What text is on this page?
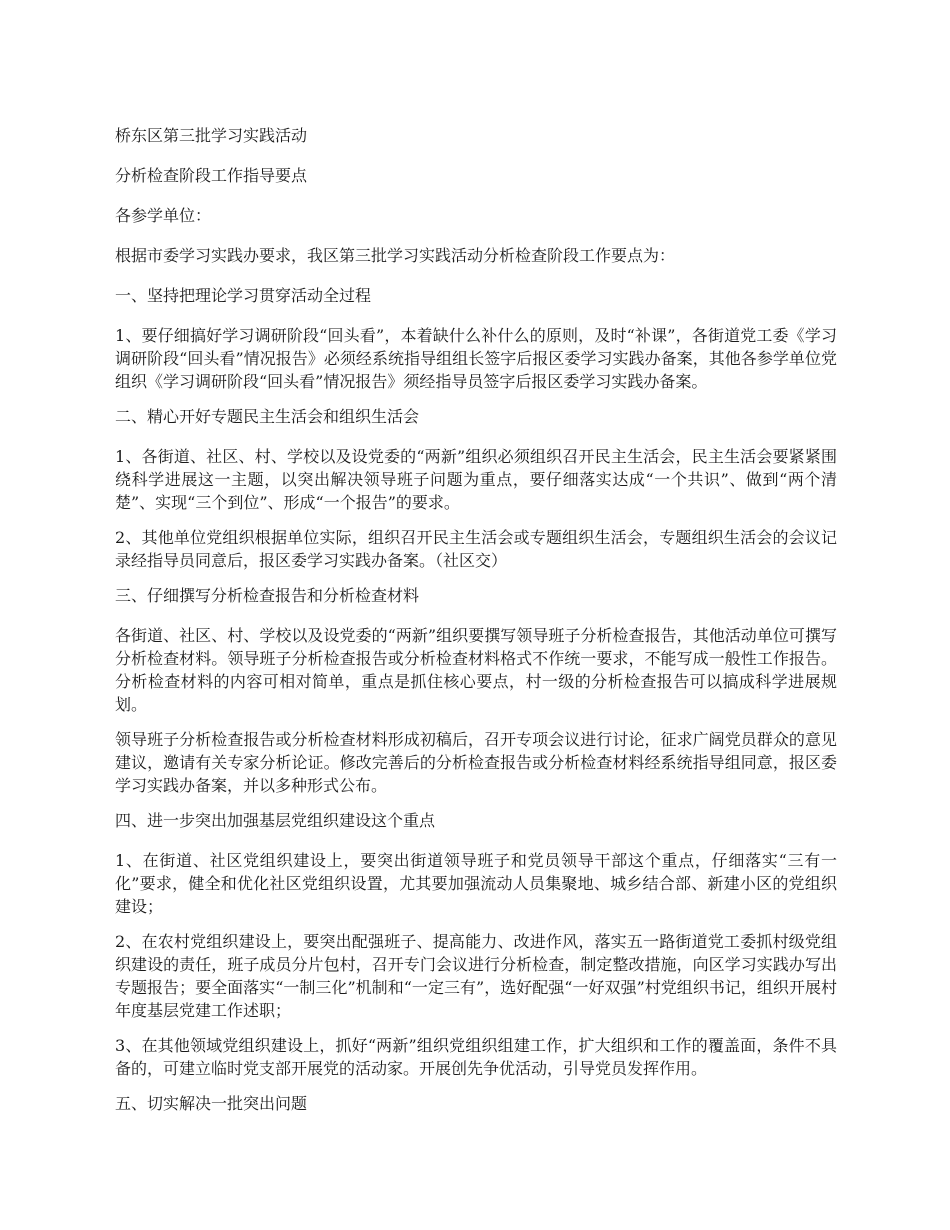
桥东区第三批学习实践活动

分析检查阶段工作指导要点

各参学单位：

根据市委学习实践办要求，我区第三批学习实践活动分析检查阶段工作要点为：

一、坚持把理论学习贯穿活动全过程

1、要仔细搞好学习调研阶段“回头看”，本着缺什么补什么的原则，及时“补课”，各街道党工委《学习调研阶段“回头看”情况报告》必须经系统指导组组长签字后报区委学习实践办备案，其他各参学单位党组织《学习调研阶段“回头看”情况报告》须经指导员签字后报区委学习实践办备案。

二、精心开好专题民主生活会和组织生活会

1、各街道、社区、村、学校以及设党委的“两新”组织必须组织召开民主生活会，民主生活会要紧紧围绕科学进展这一主题，以突出解决领导班子问题为重点，要仔细落实达成“一个共识”、做到“两个清楚”、实现“三个到位”、形成“一个报告”的要求。

2、其他单位党组织根据单位实际，组织召开民主生活会或专题组织生活会，专题组织生活会的会议记录经指导员同意后，报区委学习实践办备案。（社区交）

三、仔细撰写分析检查报告和分析检查材料

各街道、社区、村、学校以及设党委的“两新”组织要撰写领导班子分析检查报告，其他活动单位可撰写分析检查材料。领导班子分析检查报告或分析检查材料格式不作统一要求，不能写成一般性工作报告。分析检查材料的内容可相对简单，重点是抓住核心要点，村一级的分析检查报告可以搞成科学进展规划。

领导班子分析检查报告或分析检查材料形成初稿后，召开专项会议进行讨论，征求广阔党员群众的意见建议，邀请有关专家分析论证。修改完善后的分析检查报告或分析检查材料经系统指导组同意，报区委学习实践办备案，并以多种形式公布。

四、进一步突出加强基层党组织建设这个重点

1、在街道、社区党组织建设上，要突出街道领导班子和党员领导干部这个重点，仔细落实“三有一化”要求，健全和优化社区党组织设置，尤其要加强流动人员集聚地、城乡结合部、新建小区的党组织建设；

2、在农村党组织建设上，要突出配强班子、提高能力、改进作风，落实五一路街道党工委抓村级党组织建设的责任，班子成员分片包村，召开专门会议进行分析检查，制定整改措施，向区学习实践办写出专题报告；要全面落实“一制三化”机制和“一定三有”，选好配强“一好双强”村党组织书记，组织开展村年度基层党建工作述职；

3、在其他领域党组织建设上，抓好“两新”组织党组织组建工作，扩大组织和工作的覆盖面，条件不具备的，可建立临时党支部开展党的活动家。开展创先争优活动，引导党员发挥作用。

五、切实解决一批突出问题
